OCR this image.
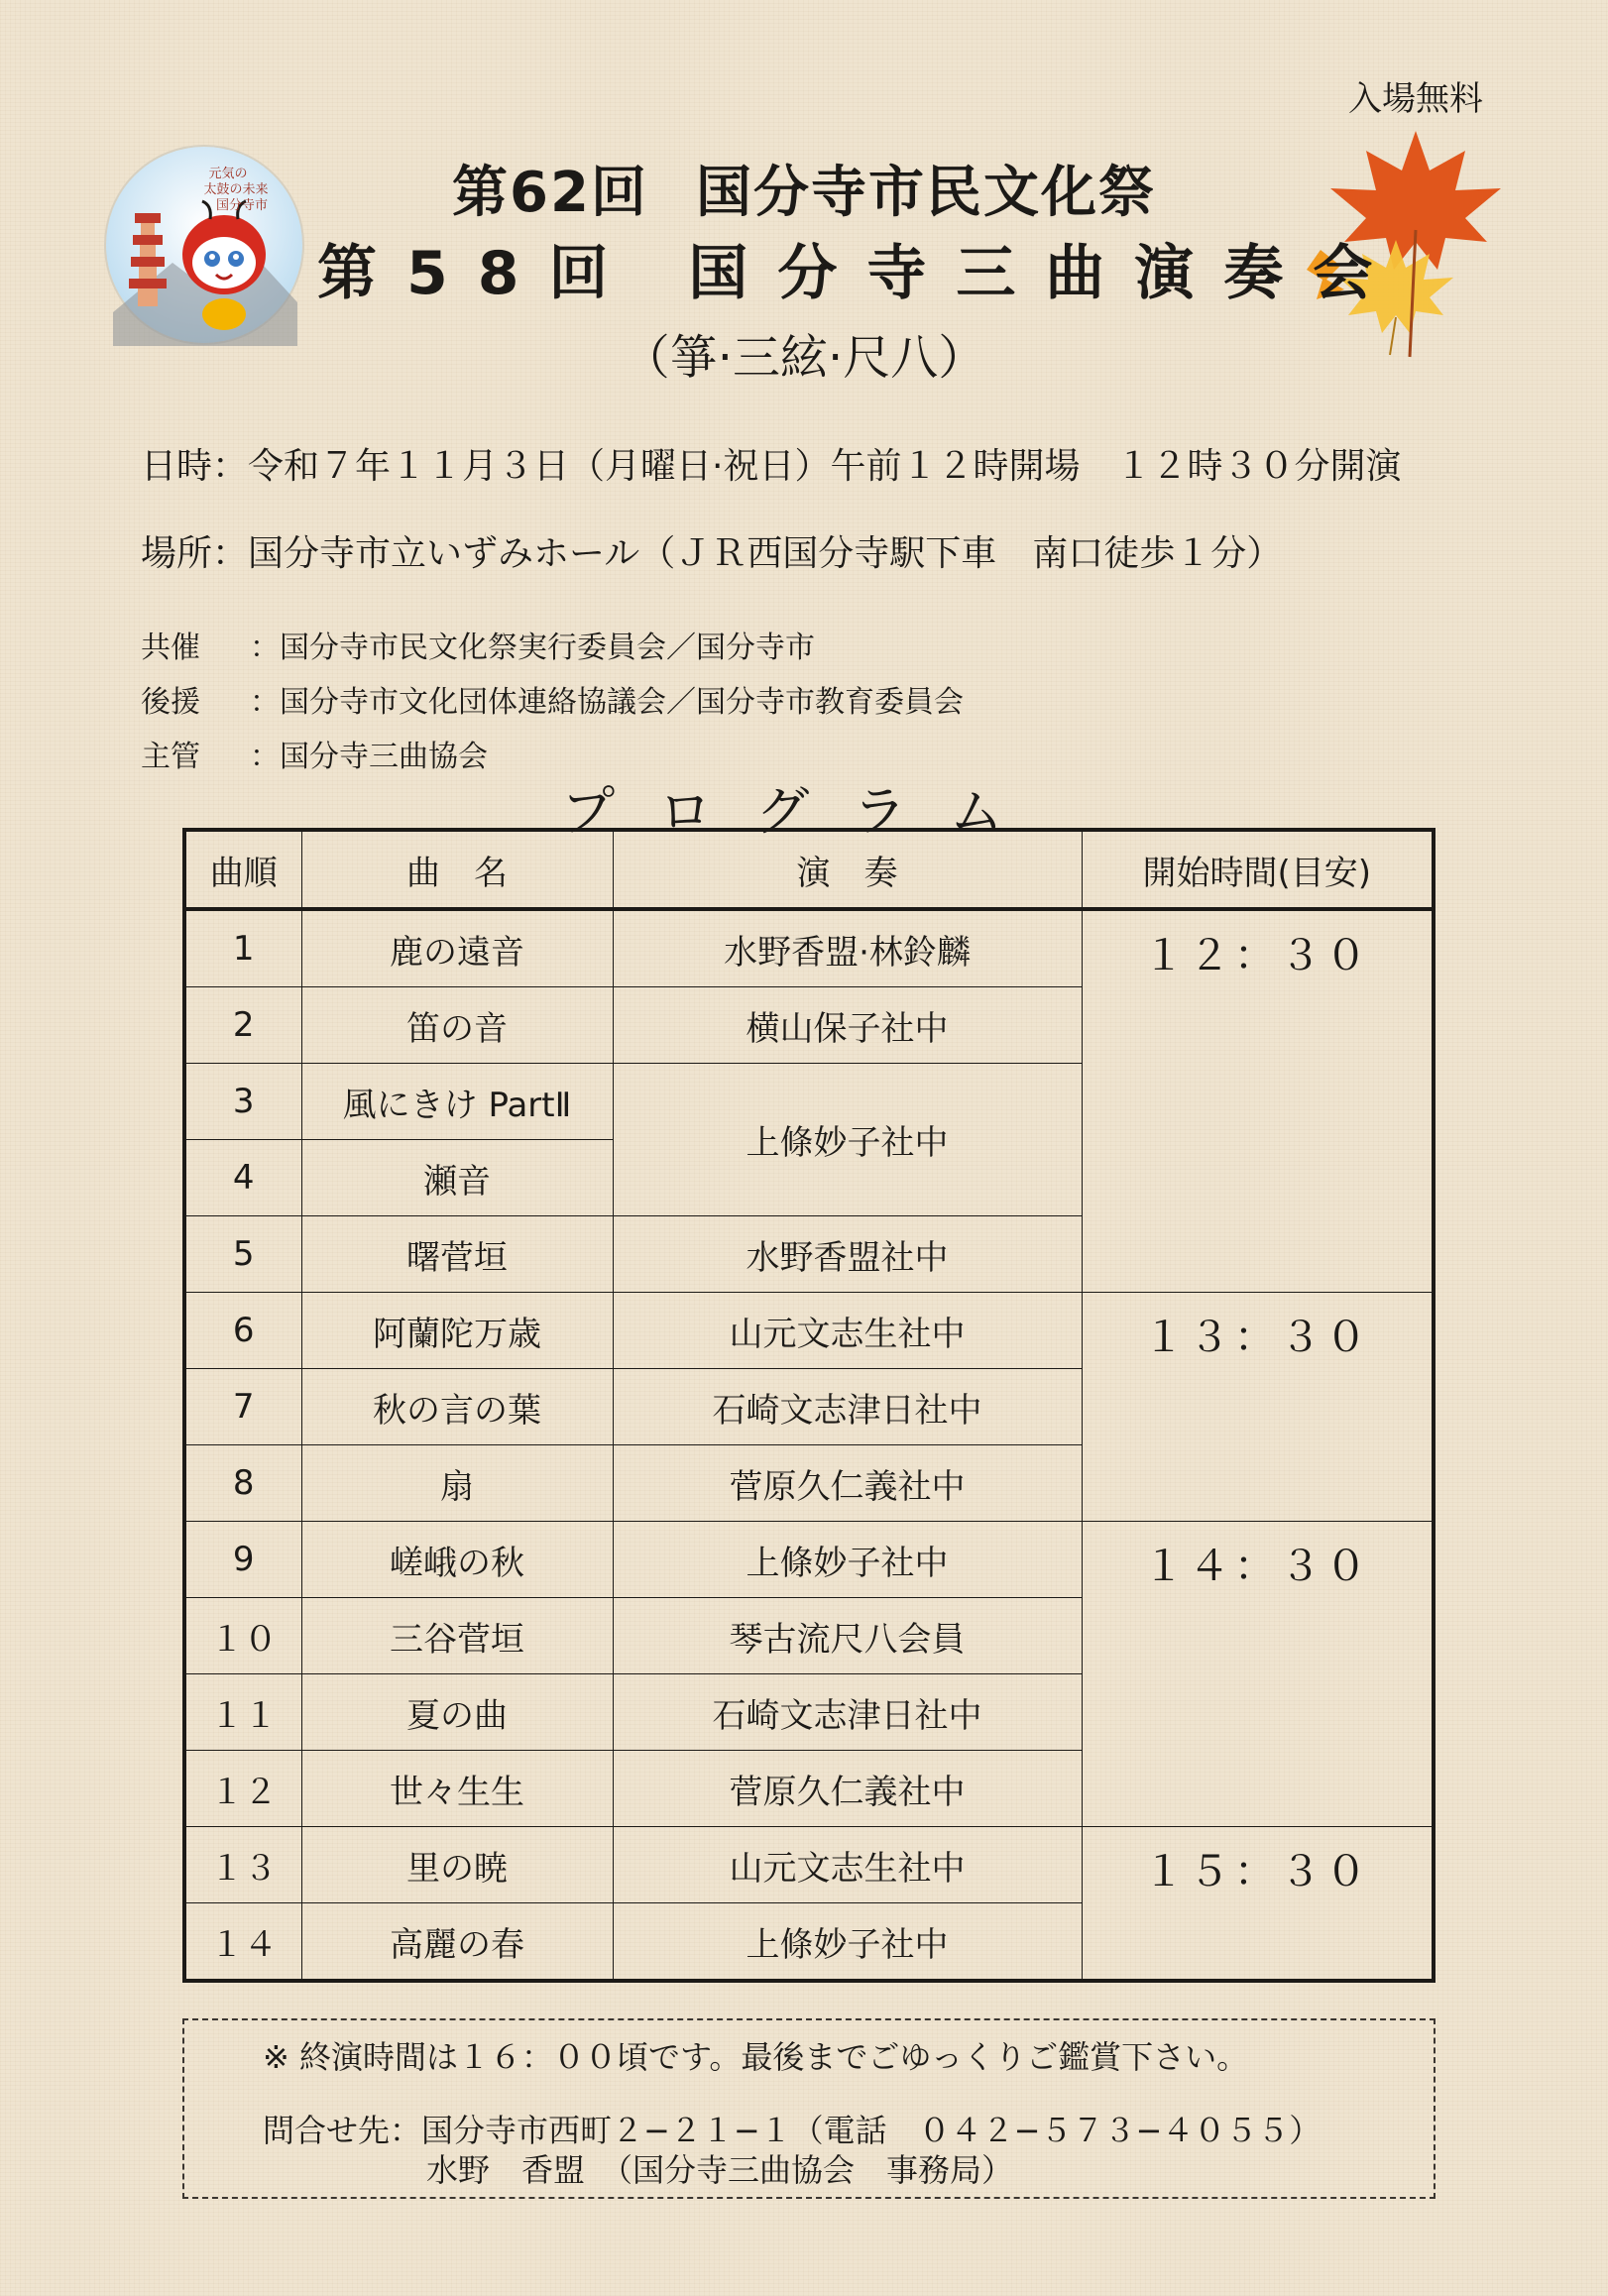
入場無料
元気の
太鼓の未来
国分寺市	第62回 国分寺市民文化祭
第58回 国分寺三曲演奏会
（箏·三絃·尺八）
日時：令和７年１１月３日（月曜日·祝日）午前１２時開場　１２時３０分開演
場所：国分寺市立いずみホール（ＪＲ西国分寺駅下車　南口徒歩１分）
共催	：国分寺市民文化祭実行委員会／国分寺市
後援	：国分寺市文化団体連絡協議会／国分寺市教育委員会
主管	：国分寺三曲協会
プログラム
曲順	曲　名	演　奏	開始時間(目安)
1	鹿の遠音	水野香盟·林鈴麟	１２：３０
2	笛の音	横山保子社中	
3	風にきけ PartⅡ	上條妙子社中	
4	瀬音		
5	曙菅垣	水野香盟社中	
6	阿蘭陀万歳	山元文志生社中	１３：３０
7	秋の言の葉	石崎文志津日社中	
8	扇	菅原久仁義社中	
9	嵯峨の秋	上條妙子社中	１４：３０
１０	三谷菅垣	琴古流尺八会員	
１１	夏の曲	石崎文志津日社中	
１２	世々生生	菅原久仁義社中	
１３	里の暁	山元文志生社中	１５：３０
１４	高麗の春	上條妙子社中	
※ 終演時間は１６：００頃です。最後までごゆっくりご鑑賞下さい。
問合せ先：国分寺市西町２−２１−１（電話　０４２−５７３−４０５５）
水野　香盟　（国分寺三曲協会　事務局）
